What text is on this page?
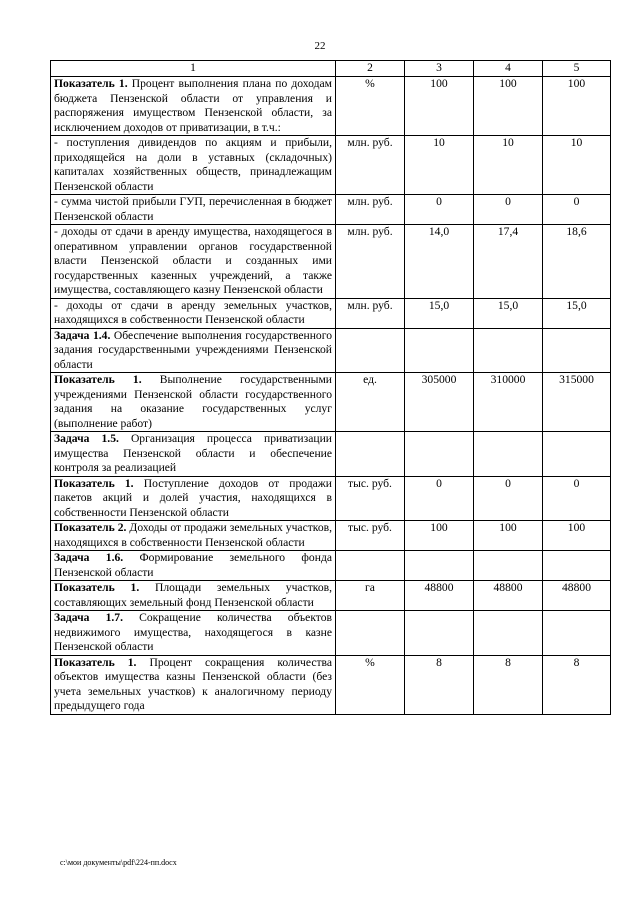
22
1	2	3	4	5
Показатель 1. Процент выполнения плана по доходам бюджета Пензенской области от управления и распоряжения имуществом Пензенской области, за исключением доходов от приватизации, в т.ч.:	%	100	100	100
- поступления дивидендов по акциям и прибыли, приходящейся на доли в уставных (складочных) капиталах хозяйственных обществ, принадлежащим Пензенской области	млн. руб.	10	10	10
- сумма чистой прибыли ГУП, перечисленная в бюджет Пензенской области	млн. руб.	0	0	0
- доходы от сдачи в аренду имущества, находящегося в оперативном управлении органов государственной власти Пензенской области и созданных ими государственных казенных учреждений, а также имущества, составляющего казну Пензенской области	млн. руб.	14,0	17,4	18,6
- доходы от сдачи в аренду земельных участков, находящихся в собственности Пензенской области	млн. руб.	15,0	15,0	15,0
Задача 1.4. Обеспечение выполнения государственного задания государственными учреждениями Пензенской области				
Показатель 1. Выполнение государственными учреждениями Пензенской области государственного задания на оказание государственных услуг (выполнение работ)	ед.	305000	310000	315000
Задача 1.5. Организация процесса приватизации имущества Пензенской области и обеспечение контроля за реализацией				
Показатель 1. Поступление доходов от продажи пакетов акций и долей участия, находящихся в собственности Пензенской области	тыс. руб.	0	0	0
Показатель 2. Доходы от продажи земельных участков, находящихся в собственности Пензенской области	тыс. руб.	100	100	100
Задача 1.6. Формирование земельного фонда Пензенской области				
Показатель 1. Площади земельных участков, составляющих земельный фонд Пензенской области	га	48800	48800	48800
Задача 1.7. Сокращение количества объектов недвижимого имущества, находящегося в казне Пензенской области				
Показатель 1. Процент сокращения количества объектов имущества казны Пензенской области (без учета земельных участков) к аналогичному периоду предыдущего года	%	8	8	8
с:\мои документы\pdf\224-пп.docx
